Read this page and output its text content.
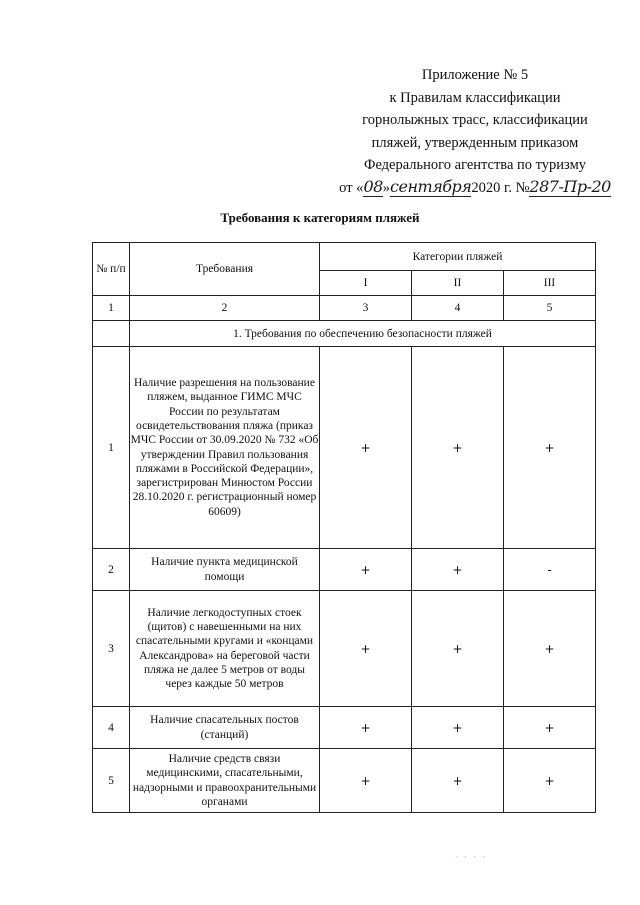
Приложение № 5
к Правилам классификации
горнолыжных трасс, классификации
пляжей, утвержденным приказом
Федерального агентства по туризму
от «08»сентября2020 г. №287-Пр-20
Требования к категориям пляжей
№ п/п	Требования	Категории пляжей		
		I	II	III
1	2	3	4	5
	1. Требования по обеспечению безопасности пляжей			
1	Наличие разрешения на пользование пляжем, выданное ГИМС МЧС России по результатам освидетельствования пляжа (приказ МЧС России от 30.09.2020 № 732 «Об утверждении Правил пользования пляжами в Российской Федерации», зарегистрирован Минюстом России 28.10.2020 г. регистрационный номер 60609)	+	+	+
2	Наличие пункта медицинской помощи	+	+	-
3	Наличие легкодоступных стоек (щитов) с навешенными на них спасательными кругами и «концами Александрова» на береговой части пляжа не далее 5 метров от воды через каждые 50 метров	+	+	+
4	Наличие спасательных постов (станций)	+	+	+
5	Наличие средств связи медицинскими, спасательными, надзорными и правоохранительными органами	+	+	+
· · · ·
